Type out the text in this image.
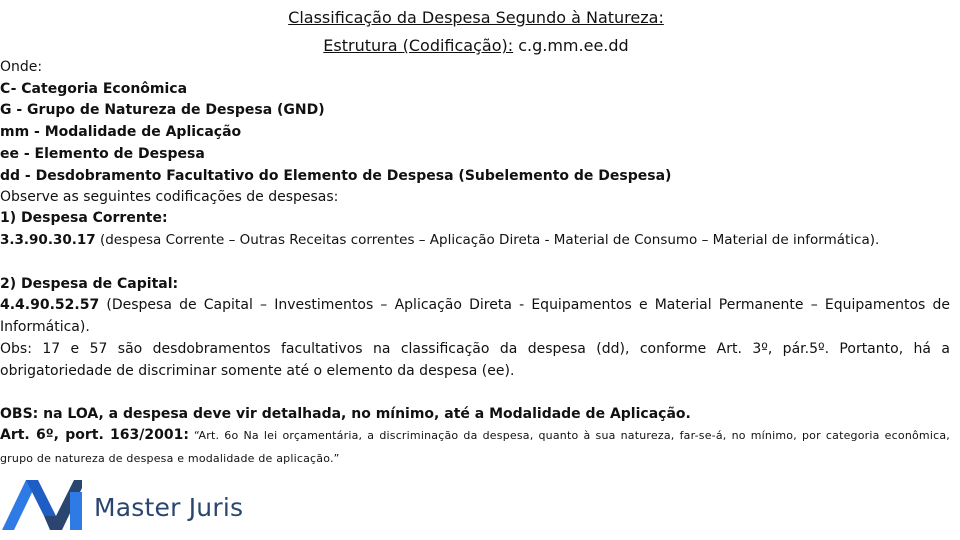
Classificação da Despesa Segundo à Natureza:
Estrutura (Codificação): c.g.mm.ee.dd
Onde:
C- Categoria Econômica
G - Grupo de Natureza de Despesa (GND)
mm - Modalidade de Aplicação
ee - Elemento de Despesa
dd - Desdobramento Facultativo do Elemento de Despesa (Subelemento de Despesa)
Observe as seguintes codificações de despesas:
1) Despesa Corrente:
3.3.90.30.17 (despesa Corrente – Outras Receitas correntes – Aplicação Direta - Material de Consumo – Material de informática).
2) Despesa de Capital:
4.4.90.52.57 (Despesa de Capital – Investimentos – Aplicação Direta - Equipamentos e Material Permanente – Equipamentos de Informática).
Obs: 17 e 57 são desdobramentos facultativos na classificação da despesa (dd), conforme Art. 3º, pár.5º. Portanto, há a obrigatoriedade de discriminar somente até o elemento da despesa (ee).
OBS: na LOA, a despesa deve vir detalhada, no mínimo, até a Modalidade de Aplicação.
Art. 6º, port. 163/2001: “Art. 6o Na lei orçamentária, a discriminação da despesa, quanto à sua natureza, far-se-á, no mínimo, por categoria econômica, grupo de natureza de despesa e modalidade de aplicação.”
Master Juris
